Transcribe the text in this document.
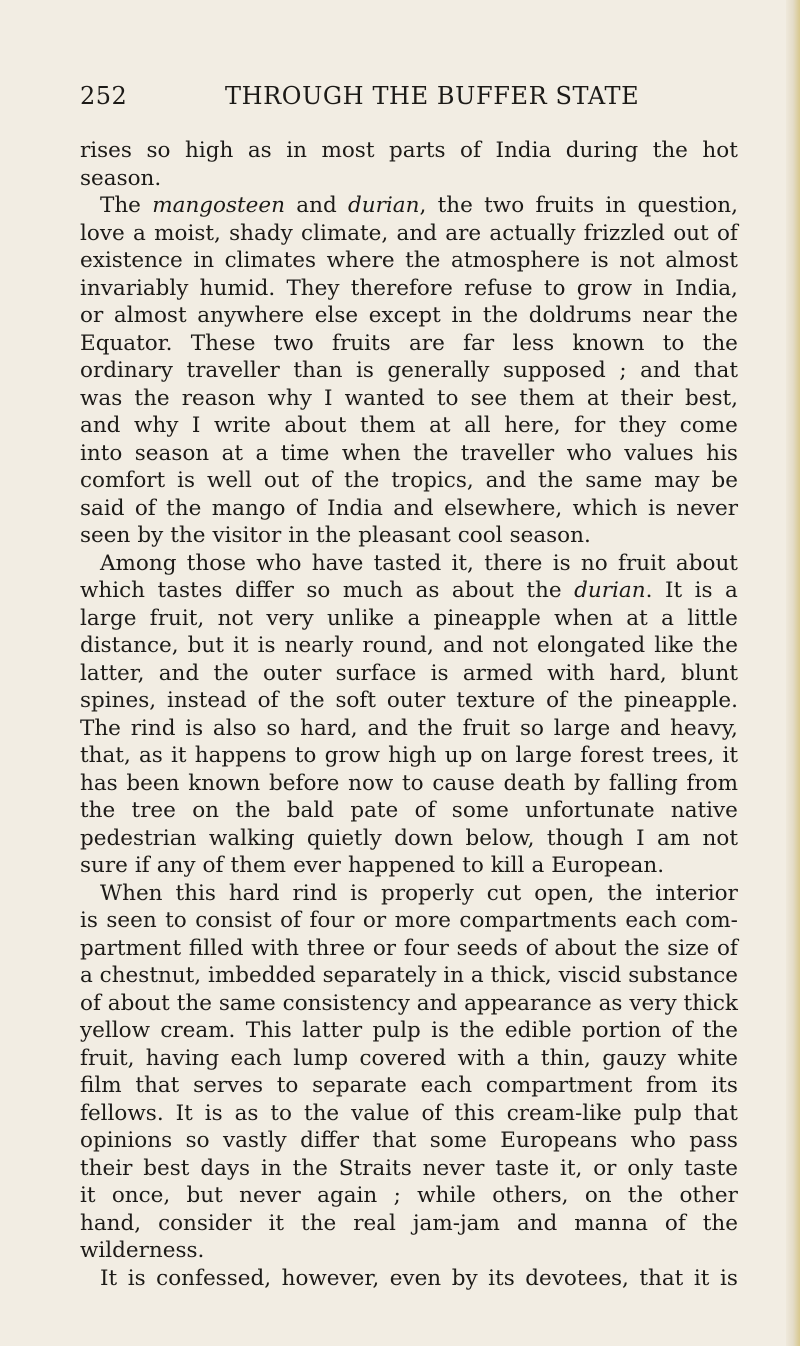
252	THROUGH THE BUFFER STATE
rises so high as in most parts of India during the hot
season.
The mangosteen and durian, the two fruits in question,
love a moist, shady climate, and are actually frizzled out of
existence in climates where the atmosphere is not almost
invariably humid. They therefore refuse to grow in India,
or almost anywhere else except in the doldrums near the
Equator. These two fruits are far less known to the
ordinary traveller than is generally supposed ; and that
was the reason why I wanted to see them at their best,
and why I write about them at all here, for they come
into season at a time when the traveller who values his
comfort is well out of the tropics, and the same may be
said of the mango of India and elsewhere, which is never
seen by the visitor in the pleasant cool season.
Among those who have tasted it, there is no fruit about
which tastes differ so much as about the durian. It is a
large fruit, not very unlike a pineapple when at a little
distance, but it is nearly round, and not elongated like the
latter, and the outer surface is armed with hard, blunt
spines, instead of the soft outer texture of the pineapple.
The rind is also so hard, and the fruit so large and heavy,
that, as it happens to grow high up on large forest trees, it
has been known before now to cause death by falling from
the tree on the bald pate of some unfortunate native
pedestrian walking quietly down below, though I am not
sure if any of them ever happened to kill a European.
When this hard rind is properly cut open, the interior
is seen to consist of four or more compartments each com-
partment filled with three or four seeds of about the size of
a chestnut, imbedded separately in a thick, viscid substance
of about the same consistency and appearance as very thick
yellow cream. This latter pulp is the edible portion of the
fruit, having each lump covered with a thin, gauzy white
film that serves to separate each compartment from its
fellows. It is as to the value of this cream-like pulp that
opinions so vastly differ that some Europeans who pass
their best days in the Straits never taste it, or only taste
it once, but never again ; while others, on the other
hand, consider it the real jam-jam and manna of the
wilderness.
It is confessed, however, even by its devotees, that it is
